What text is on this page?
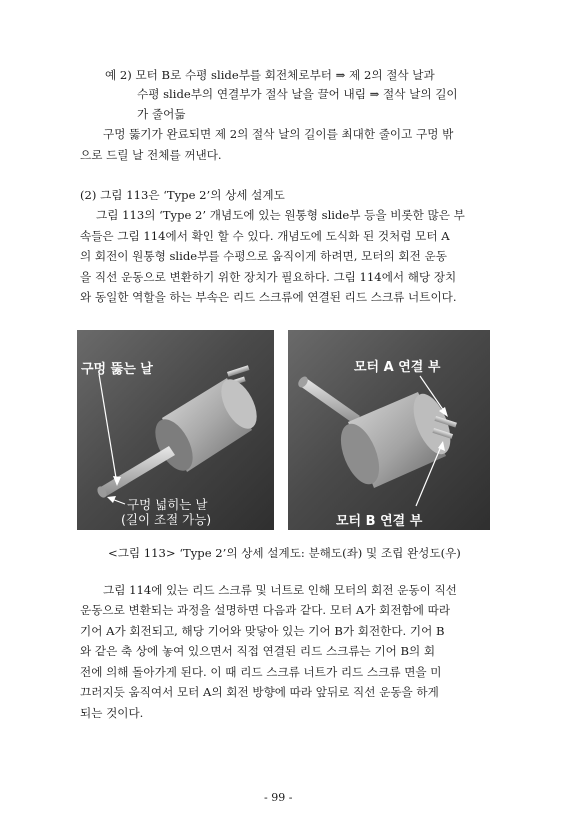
예 2) 모터 B로 수평 slide부를 회전체로부터 ⇒ 제 2의 절삭 날과
수평 slide부의 연결부가 절삭 날을 끌어 내림 ⇒ 절삭 날의 길이
가 줄어듦
구멍 뚫기가 완료되면 제 2의 절삭 날의 길이를 최대한 줄이고 구멍 밖
으로 드릴 날 전체를 꺼낸다.
(2) 그림 113은 ‘Type 2’의 상세 설계도
그림 113의 ‘Type 2’ 개념도에 있는 원통형 slide부 등을 비롯한 많은 부
속들은 그림 114에서 확인 할 수 있다. 개념도에 도식화 된 것처럼 모터 A
의 회전이 원통형 slide부를 수평으로 움직이게 하려면, 모터의 회전 운동
을 직선 운동으로 변환하기 위한 장치가 필요하다. 그림 114에서 해당 장치
와 동일한 역할을 하는 부속은 리드 스크류에 연결된 리드 스크류 너트이다.
구멍 뚫는 날
구멍 넓히는 날
(길이 조절 가능)
모터 A 연결 부
모터 B 연결 부
<그림 113> ‘Type 2’의 상세 설계도: 분해도(좌) 및 조립 완성도(우)
그림 114에 있는 리드 스크류 및 너트로 인해 모터의 회전 운동이 직선
운동으로 변환되는 과정을 설명하면 다음과 같다. 모터 A가 회전함에 따라
기어 A가 회전되고, 해당 기어와 맞닿아 있는 기어 B가 회전한다. 기어 B
와 같은 축 상에 놓여 있으면서 직접 연결된 리드 스크류는 기어 B의 회
전에 의해 돌아가게 된다. 이 때 리드 스크류 너트가 리드 스크류 면을 미
끄러지듯 움직여서 모터 A의 회전 방향에 따라 앞뒤로 직선 운동을 하게
되는 것이다.
- 99 -
